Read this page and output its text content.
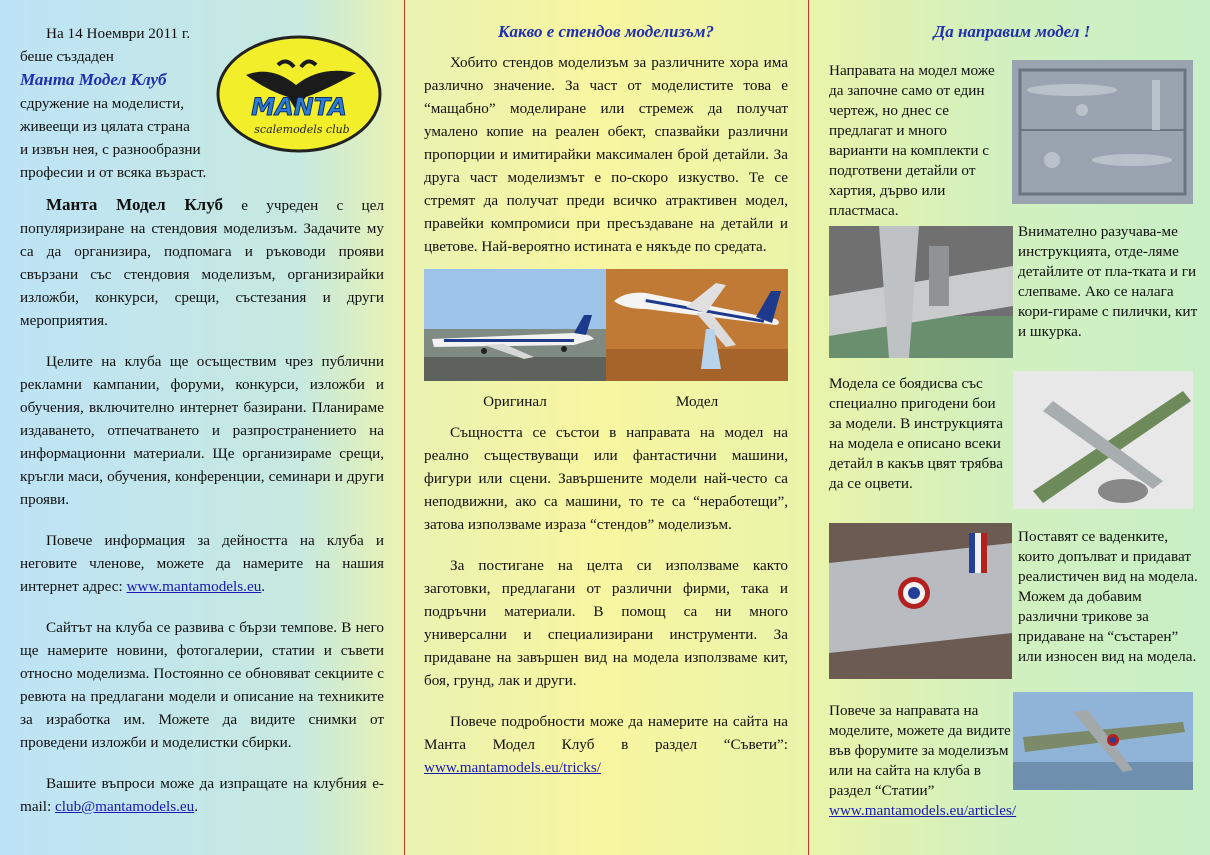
MANTA
scalemodels club

На 14 Ноември 2011 г.

беше създаден

Манта Модел Клуб

сдружение на моделисти,

живеещи из цялата страна

и извън нея, с разнообразни

професии и от всяка възраст.

Манта Модел Клуб е учреден с цел популяризиране на стендовия моделизъм. Задачите му са да организира, подпомага и ръководи прояви свързани със стендовия моделизъм, организирайки изложби, конкурси, срещи, състезания и други мероприятия.

Целите на клуба ще осъществим чрез публични рекламни кампании, форуми, конкурси, изложби и обучения, включително интернет базирани. Планираме издаването, отпечатването и разпространението на информационни материали. Ще организираме срещи, кръгли маси, обучения, конференции, семинари и други прояви.

Повече информация за дейността на клуба и неговите членове, можете да намерите на нашия интернет адрес: www.mantamodels.eu.

Сайтът на клуба се развива с бързи темпове. В него ще намерите новини, фотогалерии, статии и съвети относно моделизма. Постоянно се обновяват секциите с ревюта на предлагани модели и описание на техниките за изработка им. Можете да видите снимки от проведени изложби и моделистки сбирки.

Вашите въпроси може да изпращате на клубния e-mail: club@mantamodels.eu.

Какво е стендов моделизъм?

Хобито стендов моделизъм за различните хора има различно значение. За част от моделистите това е “мащабно” моделиране или стремеж да получат умалено копие на реален обект, спазвайки различни пропорции и имитирайки максимален брой детайли. За друга част моделизмът е по-скоро изкуство. Те се стремят да получат преди всичко атрактивен модел, правейки компромиси при пресъздаване на детайли и цветове. Най-вероятно истината е някъде по средата.

Оригинал	Модел

Същността се състои в направата на модел на реално съществуващи или фантастични машини, фигури или сцени. Завършените модели най-често са неподвижни, ако са машини, то те са “неработещи”, затова използваме израза “стендов” моделизъм.

За постигане на целта си използваме както заготовки, предлагани от различни фирми, така и подръчни материали. В помощ са ни много универсални и специализирани инструменти. За придаване на завършен вид на модела използваме кит, боя, грунд, лак и други.

Повече подробности може да намерите на сайта на Манта Модел Клуб в раздел “Съвети”: www.mantamodels.eu/tricks/

Да направим модел !

Направата на модел може да започне само от един чертеж, но днес се предлагат и много варианти на комплекти с подготвени детайли от хартия, дърво или пластмаса.

Внимателно разучава-ме инструкцията, отде-ляме детайлите от пла-тката и ги слепваме. Ако се налага кори-гираме с пилички, кит и шкурка.

Модела се боядисва със специално пригодени бои за модели. В инструкцията на модела е описано всеки детайл в какъв цвят трябва да се оцвети.

Поставят се ваденките, които допълват и придават реалистичен вид на модела. Можем да добавим различни трикове за придаване на “състарен” или износен вид на модела.

Повече за направата на моделите, можете да видите във форумите за моделизъм или на сайта на клуба в раздел “Статии”

www.mantamodels.eu/articles/
